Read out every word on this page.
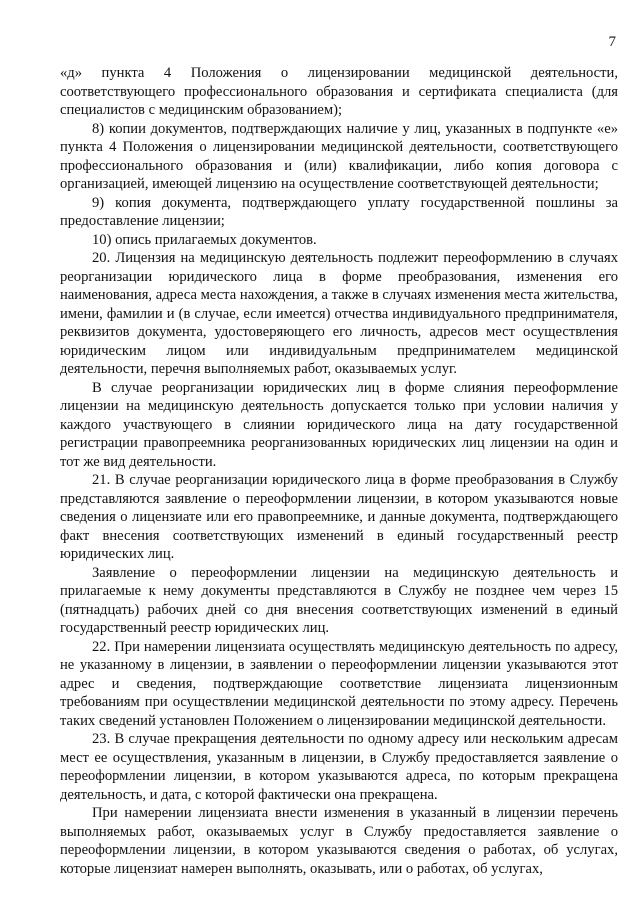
7

«д» пункта 4 Положения о лицензировании медицинской деятельности, соответствующего профессионального образования и сертификата специалиста (для специалистов с медицинским образованием);

8) копии документов, подтверждающих наличие у лиц, указанных в подпункте «е» пункта 4 Положения о лицензировании медицинской деятельности, соответствующего профессионального образования и (или) квалификации, либо копия договора с организацией, имеющей лицензию на осуществление соответствующей деятельности;

9) копия документа, подтверждающего уплату государственной пошлины за предоставление лицензии;

10) опись прилагаемых документов.

20. Лицензия на медицинскую деятельность подлежит переоформлению в случаях реорганизации юридического лица в форме преобразования, изменения его наименования, адреса места нахождения, а также в случаях изменения места жительства, имени, фамилии и (в случае, если имеется) отчества индивидуального предпринимателя, реквизитов документа, удостоверяющего его личность, адресов мест осуществления юридическим лицом или индивидуальным предпринимателем медицинской деятельности, перечня выполняемых работ, оказываемых услуг.

В случае реорганизации юридических лиц в форме слияния переоформление лицензии на медицинскую деятельность допускается только при условии наличия у каждого участвующего в слиянии юридического лица на дату государственной регистрации правопреемника реорганизованных юридических лиц лицензии на один и тот же вид деятельности.

21. В случае реорганизации юридического лица в форме преобразования в Службу представляются заявление о переоформлении лицензии, в котором указываются новые сведения о лицензиате или его правопреемнике, и данные документа, подтверждающего факт внесения соответствующих изменений в единый государственный реестр юридических лиц.

Заявление о переоформлении лицензии на медицинскую деятельность и прилагаемые к нему документы представляются в Службу не позднее чем через 15 (пятнадцать) рабочих дней со дня внесения соответствующих изменений в единый государственный реестр юридических лиц.

22. При намерении лицензиата осуществлять медицинскую деятельность по адресу, не указанному в лицензии, в заявлении о переоформлении лицензии указываются этот адрес и сведения, подтверждающие соответствие лицензиата лицензионным требованиям при осуществлении медицинской деятельности по этому адресу. Перечень таких сведений установлен Положением о лицензировании медицинской деятельности.

23. В случае прекращения деятельности по одному адресу или нескольким адресам мест ее осуществления, указанным в лицензии, в Службу предоставляется заявление о переоформлении лицензии, в котором указываются адреса, по которым прекращена деятельность, и дата, с которой фактически она прекращена.

При намерении лицензиата внести изменения в указанный в лицензии перечень выполняемых работ, оказываемых услуг в Службу предоставляется заявление о переоформлении лицензии, в котором указываются сведения о работах, об услугах, которые лицензиат намерен выполнять, оказывать, или о работах, об услугах,
